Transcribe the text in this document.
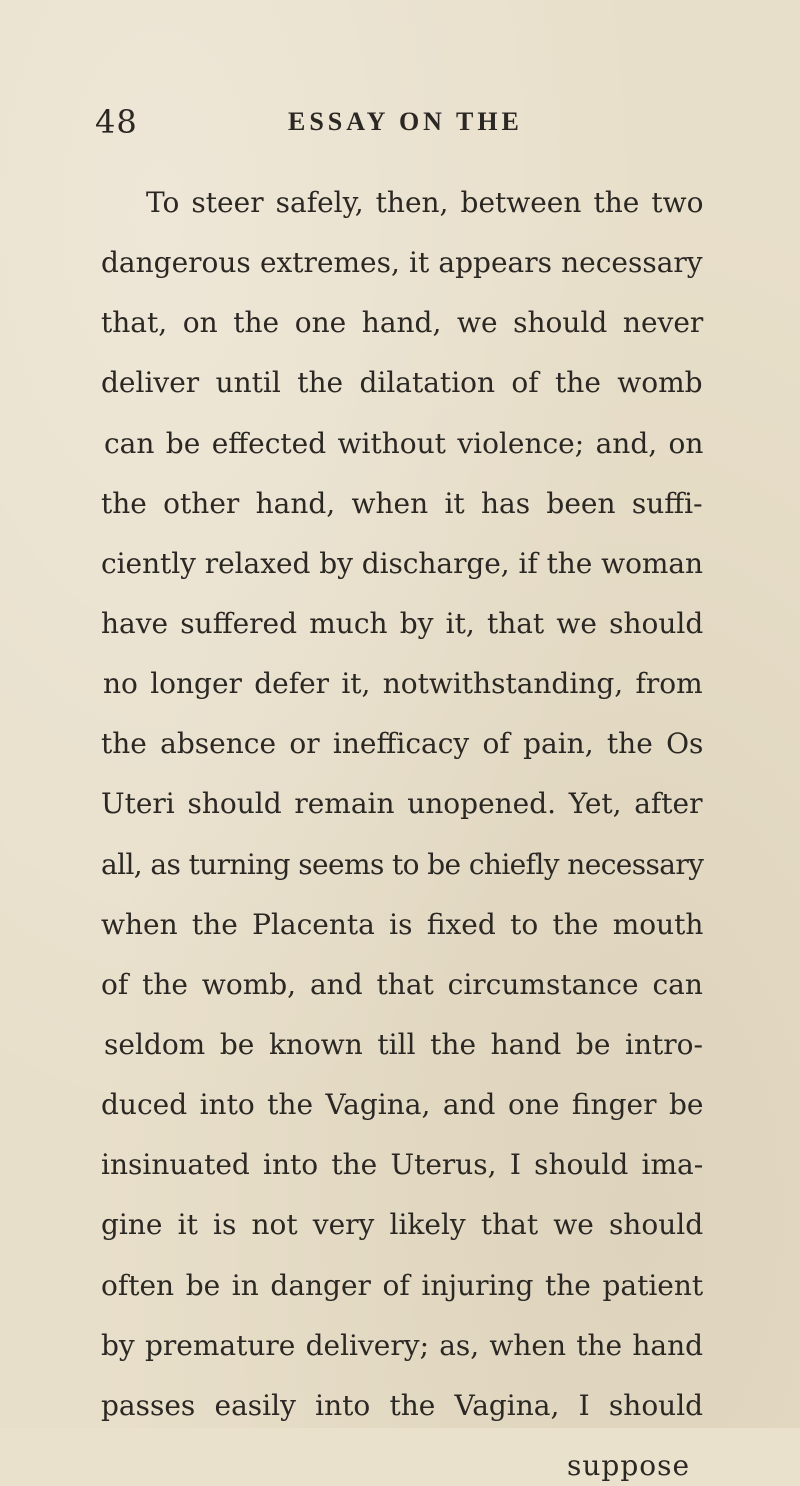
48	ESSAY ON THE
To steer safely, then, between the two
dangerous extremes, it appears necessary
that, on the one hand, we should never
deliver until the dilatation of the womb
can be effected without violence; and, on
the other hand, when it has been suffi-
ciently relaxed by discharge, if the woman
have suffered much by it, that we should
no longer defer it, notwithstanding, from
the absence or inefficacy of pain, the Os
Uteri should remain unopened. Yet, after
all, as turning seems to be chiefly necessary
when the Placenta is fixed to the mouth
of the womb, and that circumstance can
seldom be known till the hand be intro-
duced into the Vagina, and one finger be
insinuated into the Uterus, I should ima-
gine it is not very likely that we should
often be in danger of injuring the patient
by premature delivery; as, when the hand
passes easily into the Vagina, I should
suppose
